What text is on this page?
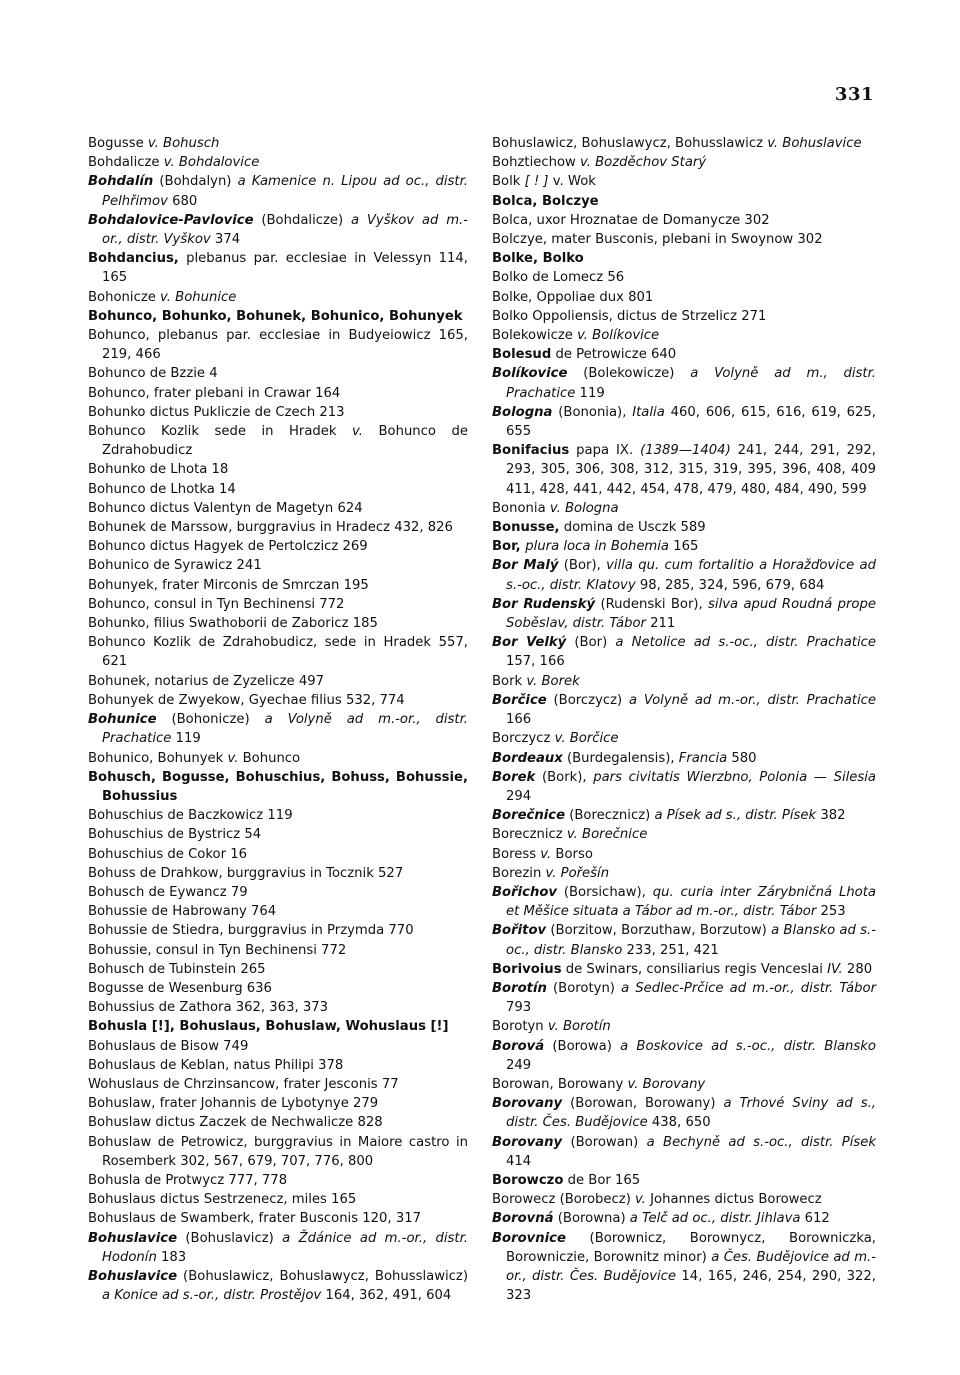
331

Bogusse v. Bohusch

Bohdalicze v. Bohdalovice

Bohdalín (Bohdalyn) a Kamenice n. Lipou ad oc., distr. Pelhřimov 680

Bohdalovice-Pavlovice (Bohdalicze) a Vyškov ad m.-or., distr. Vyškov 374

Bohdancius, plebanus par. ecclesiae in Velessyn 114, 165

Bohonicze v. Bohunice

Bohunco, Bohunko, Bohunek, Bohunico, Bohunyek

Bohunco, plebanus par. ecclesiae in Budyeiowicz 165, 219, 466

Bohunco de Bzzie 4

Bohunco, frater plebani in Crawar 164

Bohunko dictus Pukliczie de Czech 213

Bohunco Kozlik sede in Hradek v. Bohunco de Zdrahobudicz

Bohunko de Lhota 18

Bohunco de Lhotka 14

Bohunco dictus Valentyn de Magetyn 624

Bohunek de Marssow, burggravius in Hradecz 432, 826

Bohunco dictus Hagyek de Pertolczicz 269

Bohunico de Syrawicz 241

Bohunyek, frater Mirconis de Smrczan 195

Bohunco, consul in Tyn Bechinensi 772

Bohunko, filius Swathoborii de Zaboricz 185

Bohunco Kozlik de Zdrahobudicz, sede in Hradek 557, 621

Bohunek, notarius de Zyzelicze 497

Bohunyek de Zwyekow, Gyechae filius 532, 774

Bohunice (Bohonicze) a Volyně ad m.-or., distr. Prachatice 119

Bohunico, Bohunyek v. Bohunco

Bohusch, Bogusse, Bohuschius, Bohuss, Bohussie, Bohussius

Bohuschius de Baczkowicz 119

Bohuschius de Bystricz 54

Bohuschius de Cokor 16

Bohuss de Drahkow, burggravius in Tocznik 527

Bohusch de Eywancz 79

Bohussie de Habrowany 764

Bohussie de Stiedra, burggravius in Przymda 770

Bohussie, consul in Tyn Bechinensi 772

Bohusch de Tubinstein 265

Bogusse de Wesenburg 636

Bohussius de Zathora 362, 363, 373

Bohusla [!], Bohuslaus, Bohuslaw, Wohuslaus [!]

Bohuslaus de Bisow 749

Bohuslaus de Keblan, natus Philipi 378

Wohuslaus de Chrzinsancow, frater Jesconis 77

Bohuslaw, frater Johannis de Lybotynye 279

Bohuslaw dictus Zaczek de Nechwalicze 828

Bohuslaw de Petrowicz, burggravius in Maiore castro in Rosemberk 302, 567, 679, 707, 776, 800

Bohusla de Protwycz 777, 778

Bohuslaus dictus Sestrzenecz, miles 165

Bohuslaus de Swamberk, frater Busconis 120, 317

Bohuslavice (Bohuslavicz) a Ždánice ad m.-or., distr. Hodonín 183

Bohuslavice (Bohuslawicz, Bohuslawycz, Bohusslawicz) a Konice ad s.-or., distr. Prostějov 164, 362, 491, 604

Bohuslawicz, Bohuslawycz, Bohusslawicz v. Bohuslavice

Bohztiechow v. Bozděchov Starý

Bolk [ ! ] v. Wok

Bolca, Bolczye

Bolca, uxor Hroznatae de Domanycze 302

Bolczye, mater Busconis, plebani in Swoynow 302

Bolke, Bolko

Bolko de Lomecz 56

Bolke, Oppoliae dux 801

Bolko Oppoliensis, dictus de Strzelicz 271

Bolekowicze v. Bolíkovice

Bolesud de Petrowicze 640

Bolíkovice (Bolekowicze) a Volyně ad m., distr. Prachatice 119

Bologna (Bononia), Italia 460, 606, 615, 616, 619, 625, 655

Bonifacius papa IX. (1389—1404) 241, 244, 291, 292, 293, 305, 306, 308, 312, 315, 319, 395, 396, 408, 409 411, 428, 441, 442, 454, 478, 479, 480, 484, 490, 599

Bononia v. Bologna

Bonusse, domina de Usczk 589

Bor, plura loca in Bohemia 165

Bor Malý (Bor), villa qu. cum fortalitio a Horažďovice ad s.-oc., distr. Klatovy 98, 285, 324, 596, 679, 684

Bor Rudenský (Rudenski Bor), silva apud Roudná prope Soběslav, distr. Tábor 211

Bor Velký (Bor) a Netolice ad s.-oc., distr. Prachatice 157, 166

Bork v. Borek

Borčice (Borczycz) a Volyně ad m.-or., distr. Prachatice 166

Borczycz v. Borčice

Bordeaux (Burdegalensis), Francia 580

Borek (Bork), pars civitatis Wierzbno, Polonia — Silesia 294

Borečnice (Borecznicz) a Písek ad s., distr. Písek 382

Borecznicz v. Borečnice

Boress v. Borso

Borezin v. Pořešín

Bořichov (Borsichaw), qu. curia inter Zárybničná Lhota et Měšice situata a Tábor ad m.-or., distr. Tábor 253

Bořitov (Borzitow, Borzuthaw, Borzutow) a Blansko ad s.-oc., distr. Blansko 233, 251, 421

Borivoius de Swinars, consiliarius regis Venceslai IV. 280

Borotín (Borotyn) a Sedlec-Prčice ad m.-or., distr. Tábor 793

Borotyn v. Borotín

Borová (Borowa) a Boskovice ad s.-oc., distr. Blansko 249

Borowan, Borowany v. Borovany

Borovany (Borowan, Borowany) a Trhové Sviny ad s., distr. Čes. Budějovice 438, 650

Borovany (Borowan) a Bechyně ad s.-oc., distr. Písek 414

Borowczo de Bor 165

Borowecz (Borobecz) v. Johannes dictus Borowecz

Borovná (Borowna) a Telč ad oc., distr. Jihlava 612

Borovnice (Borownicz, Borownycz, Borowniczka, Borowniczie, Borownitz minor) a Čes. Budějovice ad m.-or., distr. Čes. Budějovice 14, 165, 246, 254, 290, 322, 323
